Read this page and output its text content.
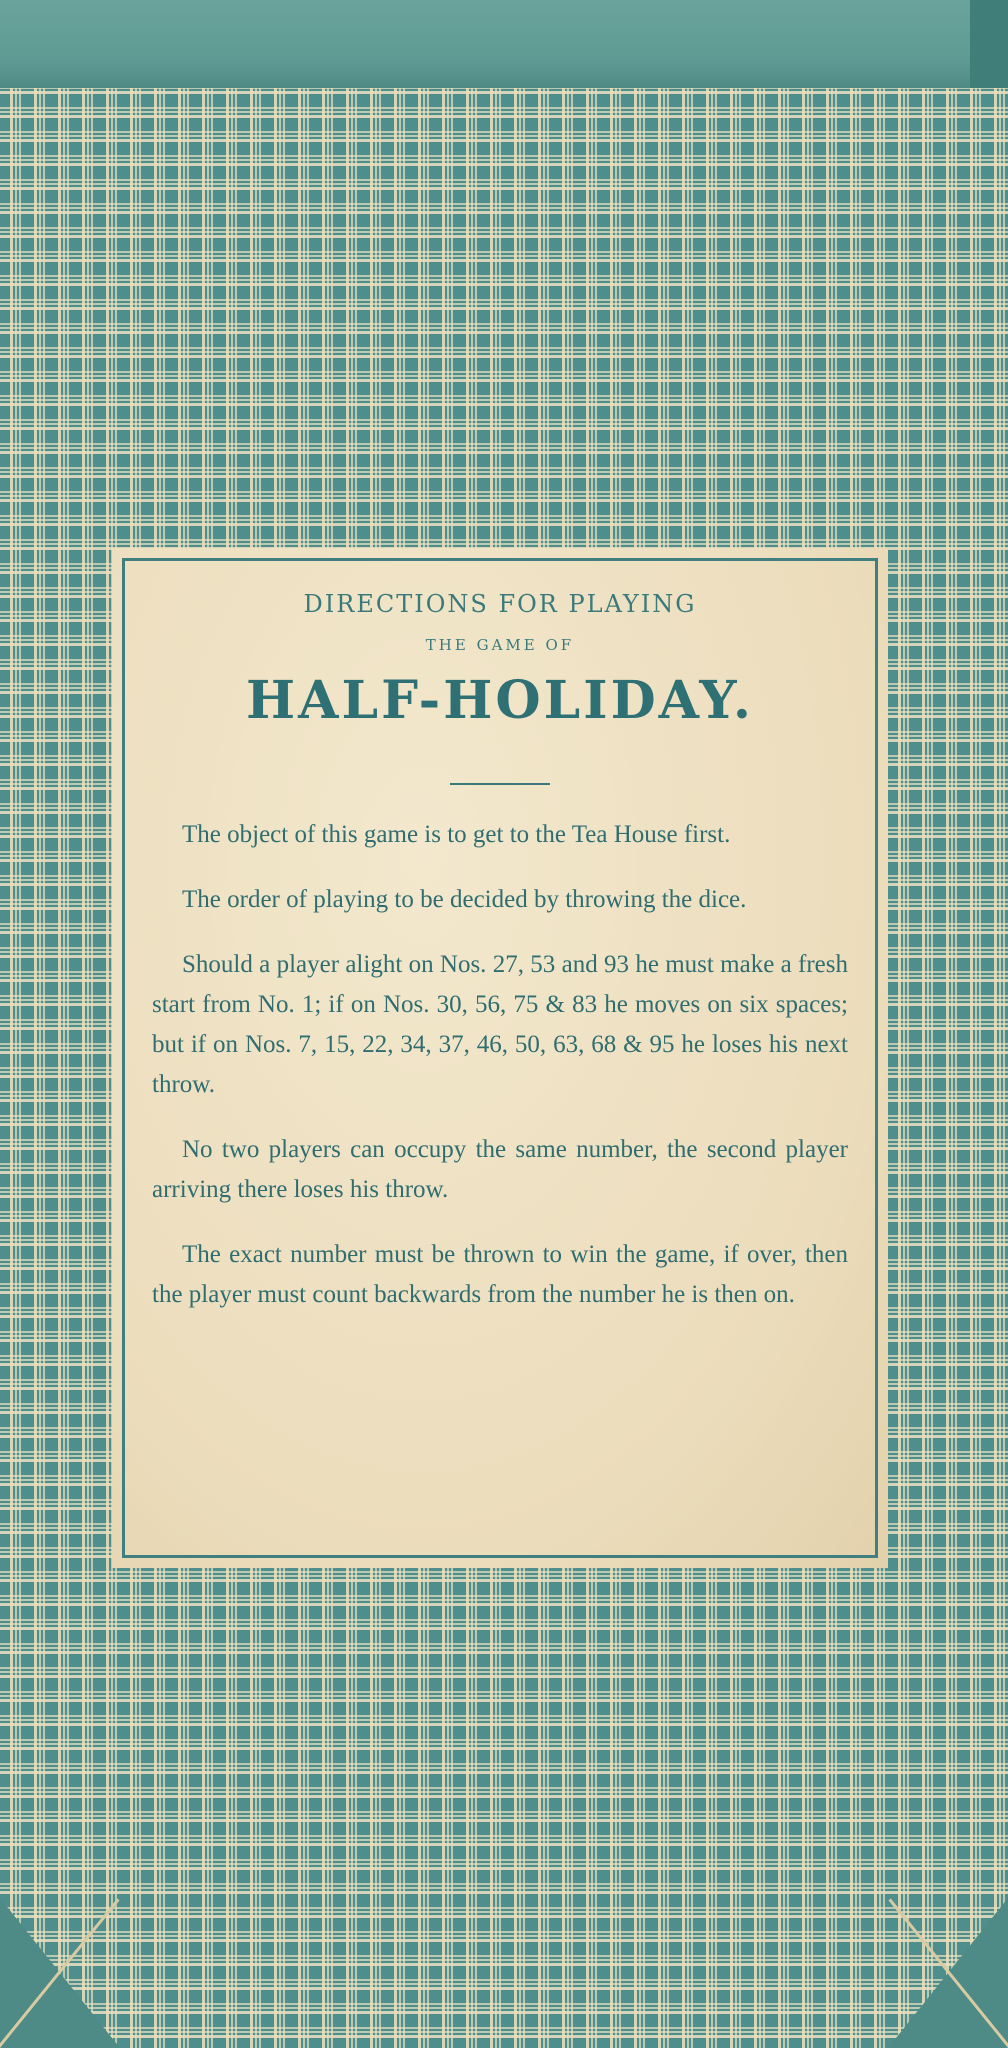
DIRECTIONS FOR PLAYING
THE GAME OF
HALF-HOLIDAY.

The object of this game is to get to the Tea House first.

The order of playing to be decided by throwing the dice.

Should a player alight on Nos. 27, 53 and 93 he must make a fresh start from No. 1; if on Nos. 30, 56, 75 & 83 he moves on six spaces; but if on Nos. 7, 15, 22, 34, 37, 46, 50, 63, 68 & 95 he loses his next throw.

No two players can occupy the same number, the second player arriving there loses his throw.

The exact number must be thrown to win the game, if over, then the player must count backwards from the number he is then on.
